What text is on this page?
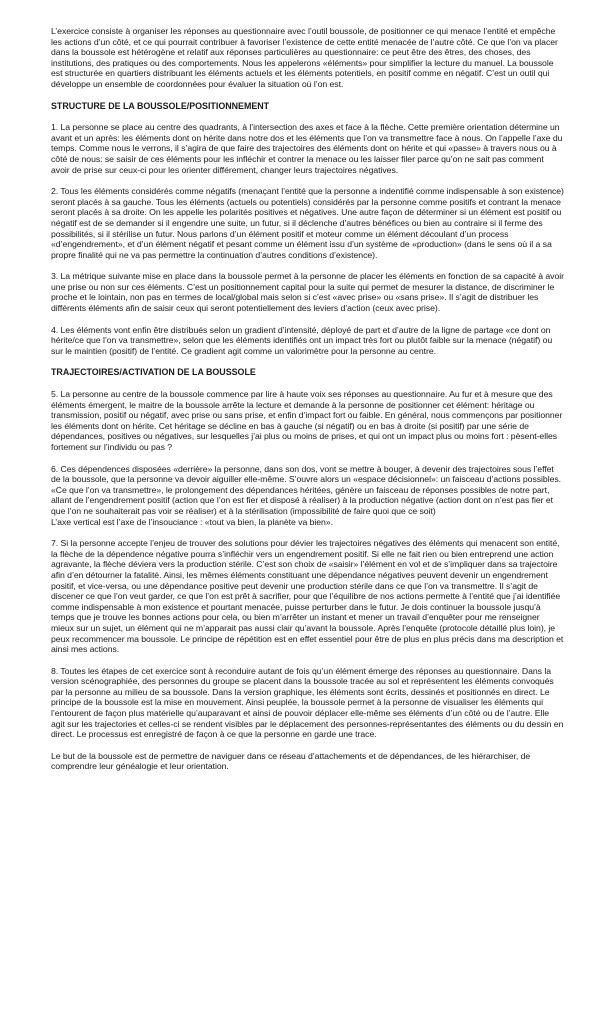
L’exercice consiste à organiser les réponses au questionnaire avec l’outil boussole, de positionner ce qui menace l’entité et empêche les actions d’un côté, et ce qui pourrait contribuer à favoriser l’existence de cette entité menacée de l’autre côté. Ce que l’on va placer dans la boussole est hétérogène et relatif aux réponses particulières au questionnaire: ce peut être des êtres, des choses, des institutions, des pratiques ou des comportements. Nous les appelerons «éléments» pour simplifier la lecture du manuel. La boussole est structurée en quartiers distribuant les éléments actuels et les éléments potentiels, en positif comme en négatif. C’est un outil qui développe un ensemble de coordonnées pour évaluer la situation où l’on est.

STRUCTURE DE LA BOUSSOLE/POSITIONNEMENT

1. La personne se place au centre des quadrants, à l’intersection des axes et face à la flèche. Cette première orientation détermine un avant et un après: les éléments dont on hérite dans notre dos et les éléments que l’on va transmettre face à nous. On l’appelle l’axe du temps. Comme nous le verrons, il s’agira de que faire des trajectoires des éléments dont on hérite et qui «passe» à travers nous ou à côté de nous: se saisir de ces éléments pour les infléchir et contrer la menace ou les laisser filer parce qu’on ne sait pas comment avoir de prise sur ceux-ci pour les orienter différement, changer leurs trajectoires négatives.

2. Tous les éléments considérés comme négatifs (menaçant l’entité que la personne a indentifié comme indispensable à son existence) seront placés à sa gauche. Tous les éléments (actuels ou potentiels) considérés par la personne comme positifs et contrant la menace seront placés à sa droite. On les appelle les polarités positives et négatives. Une autre façon de déterminer si un élément est positif ou négatif est de se demander si il engendre une suite, un futur, si il déclenche d’autres bénéfices ou bien au contraire si il ferme des possibilités, si il stérilise un futur. Nous parlons d’un élément positif et moteur comme un élément découlant d’un process «d’engendrement», et d’un élément négatif et pesant comme un élément issu d’un système de «production» (dans le sens où il a sa propre finalité qui ne va pas permettre la continuation d’autres conditions d’existence).

3. La métrique suivante mise en place dans la boussole permet à la personne de placer les éléments en fonction de sa capacité à avoir une prise ou non sur ces éléments. C’est un positionnement capital pour la suite qui permet de mesurer la distance, de discriminer le proche et le lointain, non pas en termes de local/global mais selon si c’est «avec prise» ou «sans prise». Il s’agit de distribuer les différents éléments afin de saisir ceux qui seront potentiellement des leviers d’action (ceux avec prise).

4. Les éléments vont enfin être distribués selon un gradient d’intensité, déployé de part et d’autre de la ligne de partage «ce dont on hérite/ce que l’on va transmettre», selon que les éléments identifiés ont un impact très fort ou plutôt faible sur la menace (négatif) ou sur le maintien (positif) de l’entité. Ce gradient agit comme un valorimètre pour la personne au centre.

TRAJECTOIRES/ACTIVATION DE LA BOUSSOLE

5. La personne au centre de la boussole commence par lire à haute voix ses réponses au questionnaire. Au fur et à mesure que des éléments émergent, le maitre de la boussole arrête la lecture et demande à la personne de positionner cet élément: héritage ou transmission, positif ou négatif, avec prise ou sans prise, et enfin d’impact fort ou faible. En général, nous commençons par positionner les éléments dont on hérite. Cet héritage se décline en bas à gauche (si négatif) ou en bas à droite (si positif) par une série de dépendances, positives ou négatives, sur lesquelles j’ai plus ou moins de prises, et qui ont un impact plus ou moins fort : pèsent-elles fortement sur l’individu ou pas ?

6. Ces dépendences disposées «derrière» la personne, dans son dos, vont se mettre à bouger, à devenir des trajectoires sous l’effet de la boussole, que la personne va devoir aiguiller elle-même. S’ouvre alors un «espace décisionnel»: un faisceau d’actions possibles. «Ce que l’on va transmettre», le prolongement des dépendances héritées, génère un faisceau de réponses possibles de notre part, allant de l’engendrement positif (action que l’on est fier et disposé à réaliser) à la production négative (action dont on n’est pas fier et que l’on ne souhaiterait pas voir se réaliser) et à la stérilisation (impossibilité de faire quoi que ce soit)

L’axe vertical est l’axe de l’insouciance : «tout va bien, la planète va bien».

7. Si la personne accepte l’enjeu de trouver des solutions pour dévier les trajectoires négatives des éléments qui menacent son entité, la flèche de la dépendence négative pourra s’infléchir vers un engendrement positif. Si elle ne fait rien ou bien entreprend une action agravante, la flèche déviera vers la production stérile. C’est son choix de «saisir» l’élément en vol et de s’impliquer dans sa trajectoire afin d’en détourner la fatalité. Ainsi, les mêmes éléments constituant une dépendance négatives peuvent devenir un engendrement positif, et vice-versa, ou une dépendance positive peut devenir une production stérile dans ce que l’on va transmettre. Il s’agit de discener ce que l’on veut garder, ce que l’on est prêt à sacrifier, pour que l’équilibre de nos actions permette à l’entité que j’ai identifiée comme indispensable à mon existence et pourtant menacée, puisse perturber dans le futur. Je dois continuer la boussole jusqu’à temps que je trouve les bonnes actions pour cela, ou bien m’arrêter un instant et mener un travail d’enquêter pour me renseigner mieux sur un sujet, un élément qui ne m’apparait pas aussi clair qu’avant la boussole. Après l’enquête (protocole détaillé plus loin), je peux recommencer ma boussole. Le principe de répétition est en effet essentiel pour être de plus en plus précis dans ma description et ainsi mes actions.

8. Toutes les étapes de cet exercice sont à reconduire autant de fois qu’un élément émerge des réponses au questionnaire. Dans la version scénographiée, des personnes du groupe se placent dans la boussole tracée au sol et représentent les éléments convoqués par la personne au milieu de sa boussole. Dans la version graphique, les éléments sont écrits, dessinés et positionnés en direct. Le principe de la boussole est la mise en mouvement. Ainsi peuplée, la boussole permet à la personne de visualiser les éléments qui l’entourent de façon plus matérielle qu’auparavant et ainsi de pouvoir déplacer elle-même ses éléments d’un côté ou de l’autre. Elle agit sur les trajectories et celles-ci se rendent visibles par le déplacement des personnes-représentantes des éléments ou du dessin en direct. Le processus est enregistré de façon à ce que la personne en garde une trace.

Le but de la boussole est de permettre de naviguer dans ce réseau d’attachements et de dépendances, de les hiérarchiser, de comprendre leur généalogie et leur orientation.
